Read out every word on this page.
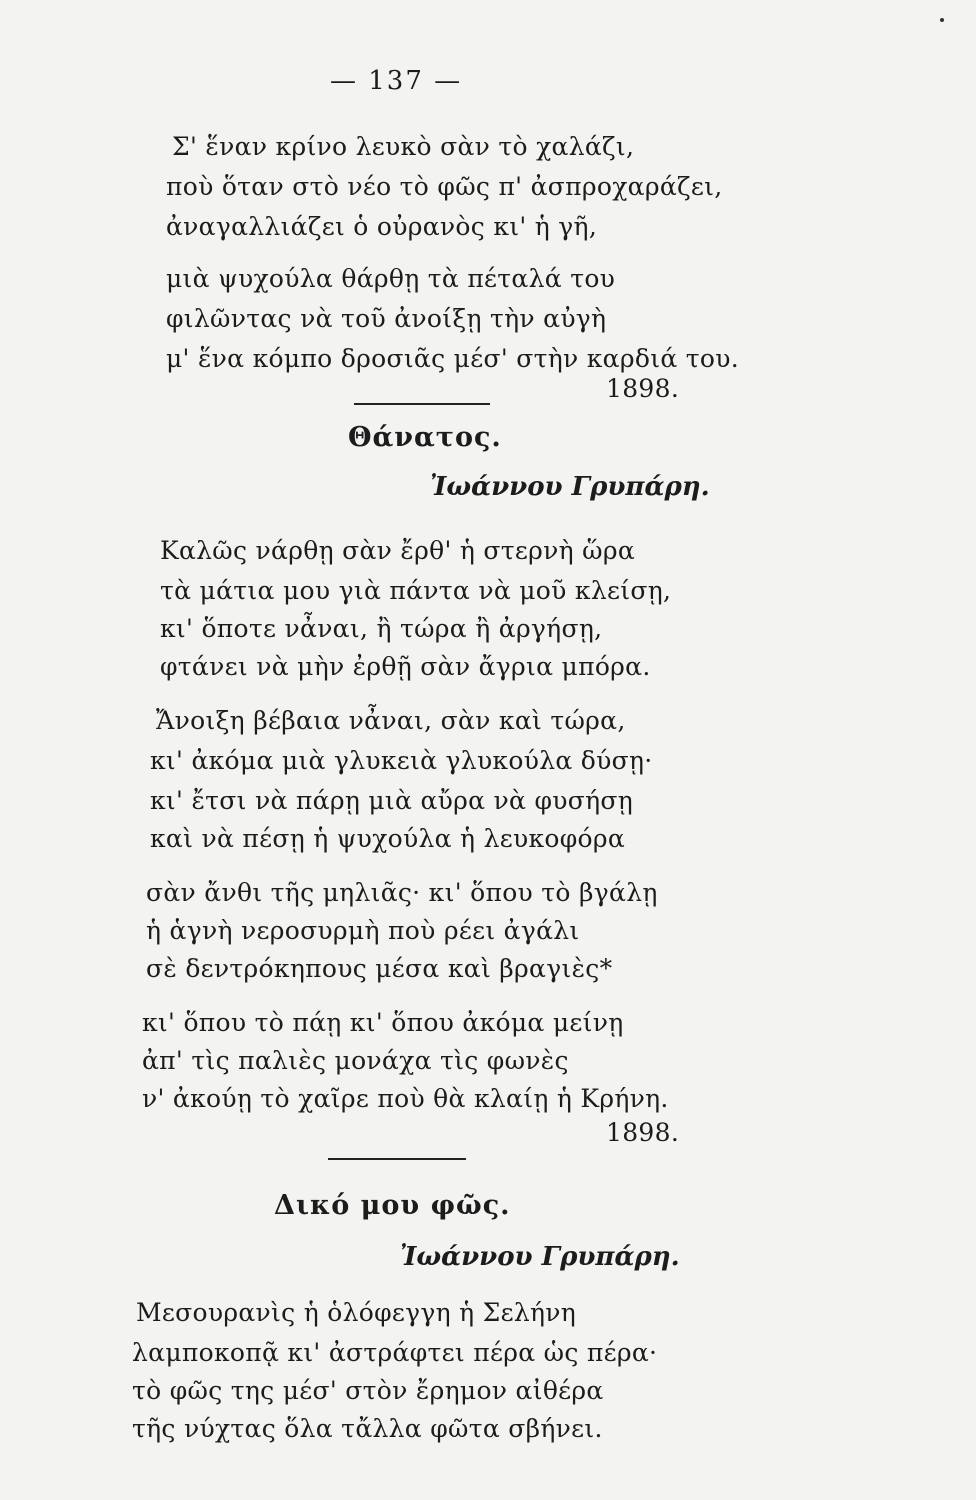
— 137 —
Σ' ἕναν κρίνο λευκὸ σὰν τὸ χαλάζι,
ποὺ ὅταν στὸ νέο τὸ φῶς π' ἀσπροχαράζει,
ἀναγαλλιάζει ὁ οὐρανὸς κι' ἡ γῆ,
μιὰ ψυχούλα θάρθῃ τὰ πέταλά του
φιλῶντας νὰ τοῦ ἀνοίξῃ τὴν αὐγὴ
μ' ἕνα κόμπο δροσιᾶς μέσ' στὴν καρδιά του.
1898.
Θάνατος.
Ἰωάννου Γρυπάρη.
Καλῶς νάρθῃ σὰν ἔρθ' ἡ στερνὴ ὥρα
τὰ μάτια μου γιὰ πάντα νὰ μοῦ κλείσῃ,
κι' ὅποτε νἆναι, ἢ τώρα ἢ ἀργήσῃ,
φτάνει νὰ μὴν ἐρθῇ σὰν ἄγρια μπόρα.
Ἄνοιξη βέβαια νἆναι, σὰν καὶ τώρα,
κι' ἀκόμα μιὰ γλυκειὰ γλυκούλα δύσῃ·
κι' ἔτσι νὰ πάρῃ μιὰ αὔρα νὰ φυσήσῃ
καὶ νὰ πέσῃ ἡ ψυχούλα ἡ λευκοφόρα
σὰν ἄνθι τῆς μηλιᾶς· κι' ὅπου τὸ βγάλῃ
ἡ ἁγνὴ νεροσυρμὴ ποὺ ρέει ἀγάλι
σὲ δεντρόκηπους μέσα καὶ βραγιὲς*
κι' ὅπου τὸ πάῃ κι' ὅπου ἀκόμα μείνῃ
ἀπ' τὶς παλιὲς μονάχα τὶς φωνὲς
ν' ἀκούῃ τὸ χαῖρε ποὺ θὰ κλαίῃ ἡ Κρήνη.
1898.
Δικό μου φῶς.
Ἰωάννου Γρυπάρη.
Μεσουρανὶς ἡ ὁλόφεγγη ἡ Σελήνη
λαμποκοπᾷ κι' ἀστράφτει πέρα ὡς πέρα·
τὸ φῶς της μέσ' στὸν ἔρημον αἰθέρα
τῆς νύχτας ὅλα τἄλλα φῶτα σβήνει.
